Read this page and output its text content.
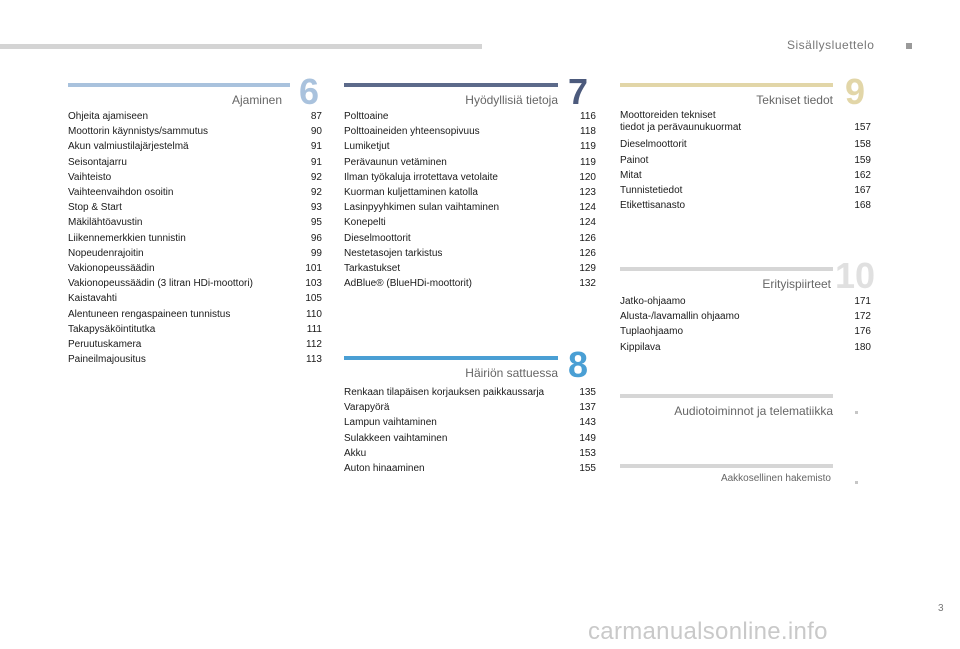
Sisällysluettelo
Ajaminen 6
Ohjeita ajamiseen	87
Moottorin käynnistys/sammutus	90
Akun valmiustilajärjestelmä	91
Seisontajarru	91
Vaihteisto	92
Vaihteenvaihdon osoitin	92
Stop & Start	93
Mäkilähtöavustin	95
Liikennemerkkien tunnistin	96
Nopeudenrajoitin	99
Vakionopeussäädin	101
Vakionopeussäädin (3 litran HDi-moottori)	103
Kaistavahti	105
Alentuneen rengaspaineen tunnistus	110
Takapysäköintitutka	111
Peruutuskamera	112
Paineilmajousitus	113
Hyödyllisiä tietoja 7
Polttoaine	116
Polttoaineiden yhteensopivuus	118
Lumiketjut	119
Perävaunun vetäminen	119
Ilman työkaluja irrotettava vetolaite	120
Kuorman kuljettaminen katolla	123
Lasinpyyhkimen sulan vaihtaminen	124
Konepelti	124
Dieselmoottorit	126
Nestetasojen tarkistus	126
Tarkastukset	129
AdBlue® (BlueHDi-moottorit)	132
Häiriön sattuessa 8
Renkaan tilapäisen korjauksen paikkaussarja	135
Varapyörä	137
Lampun vaihtaminen	143
Sulakkeen vaihtaminen	149
Akku	153
Auton hinaaminen	155
Tekniset tiedot 9
Moottoreiden tekniset
tiedot ja perävaunukuormat	157
Dieselmoottorit	158
Painot	159
Mitat	162
Tunnistetiedot	167
Etikettisanasto	168
Erityispiirteet 10
Jatko-ohjaamo	171
Alusta-/lavamallin ohjaamo	172
Tuplaohjaamo	176
Kippilava	180
Audiotoiminnot ja telematiikka
Aakkosellinen hakemisto
3
carmanualsonline.info
